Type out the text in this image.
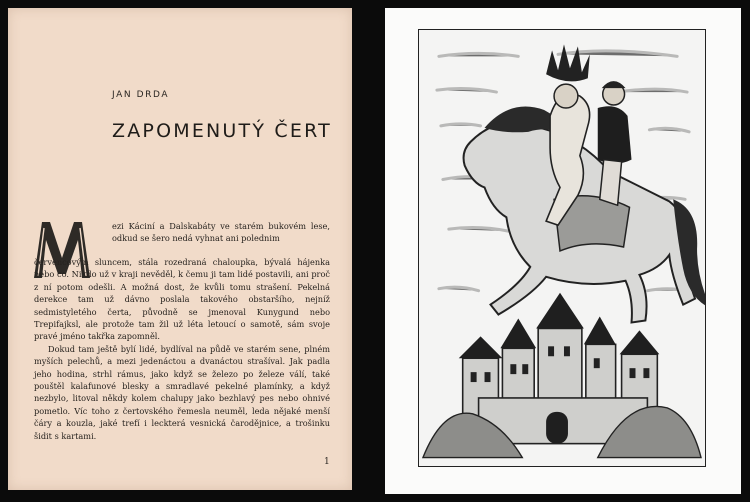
JAN DRDA
ZAPOMENUTÝ ČERT
ezi Káciní a Dalskabáty ve starém bukovém lese, odkud se šero nedá vyhnat ani polednim

červencovým sluncem, stála rozedraná chaloupka, bývalá hájenka nebo co. Nikdo už v kraji nevěděl, k čemu ji tam lidé postavili, ani proč z ní potom odešli. A možná dost, že kvůli tomu strašení. Pekelná derekce tam už dávno poslala takového obstaršího, nejníž sedmistyletého čerta, původně se jmenoval Kunygund nebo Trepifajksl, ale protože tam žil už léta letoucí o samotě, sám svoje pravé jméno takřka zapomněl.

Dokud tam ještě bylí lidé, bydlíval na půdě ve starém sene, plném myších pelechů, a mezi jedenáctou a dvanáctou strašíval. Jak padla jeho hodina, strhl rámus, jako když se železo po železe válí, také pouštěl kalafunové blesky a smradlavé pekelné plamínky, a když nezbylo, litoval někdy kolem chalupy jako bezhlavý pes nebo ohnivé pometlo. Víc toho z čertovského řemesla neuměl, leda nějaké menší čáry a kouzla, jaké trefí i leckterá vesnická čarodějnice, a trošinku šidit s kartami.

1
